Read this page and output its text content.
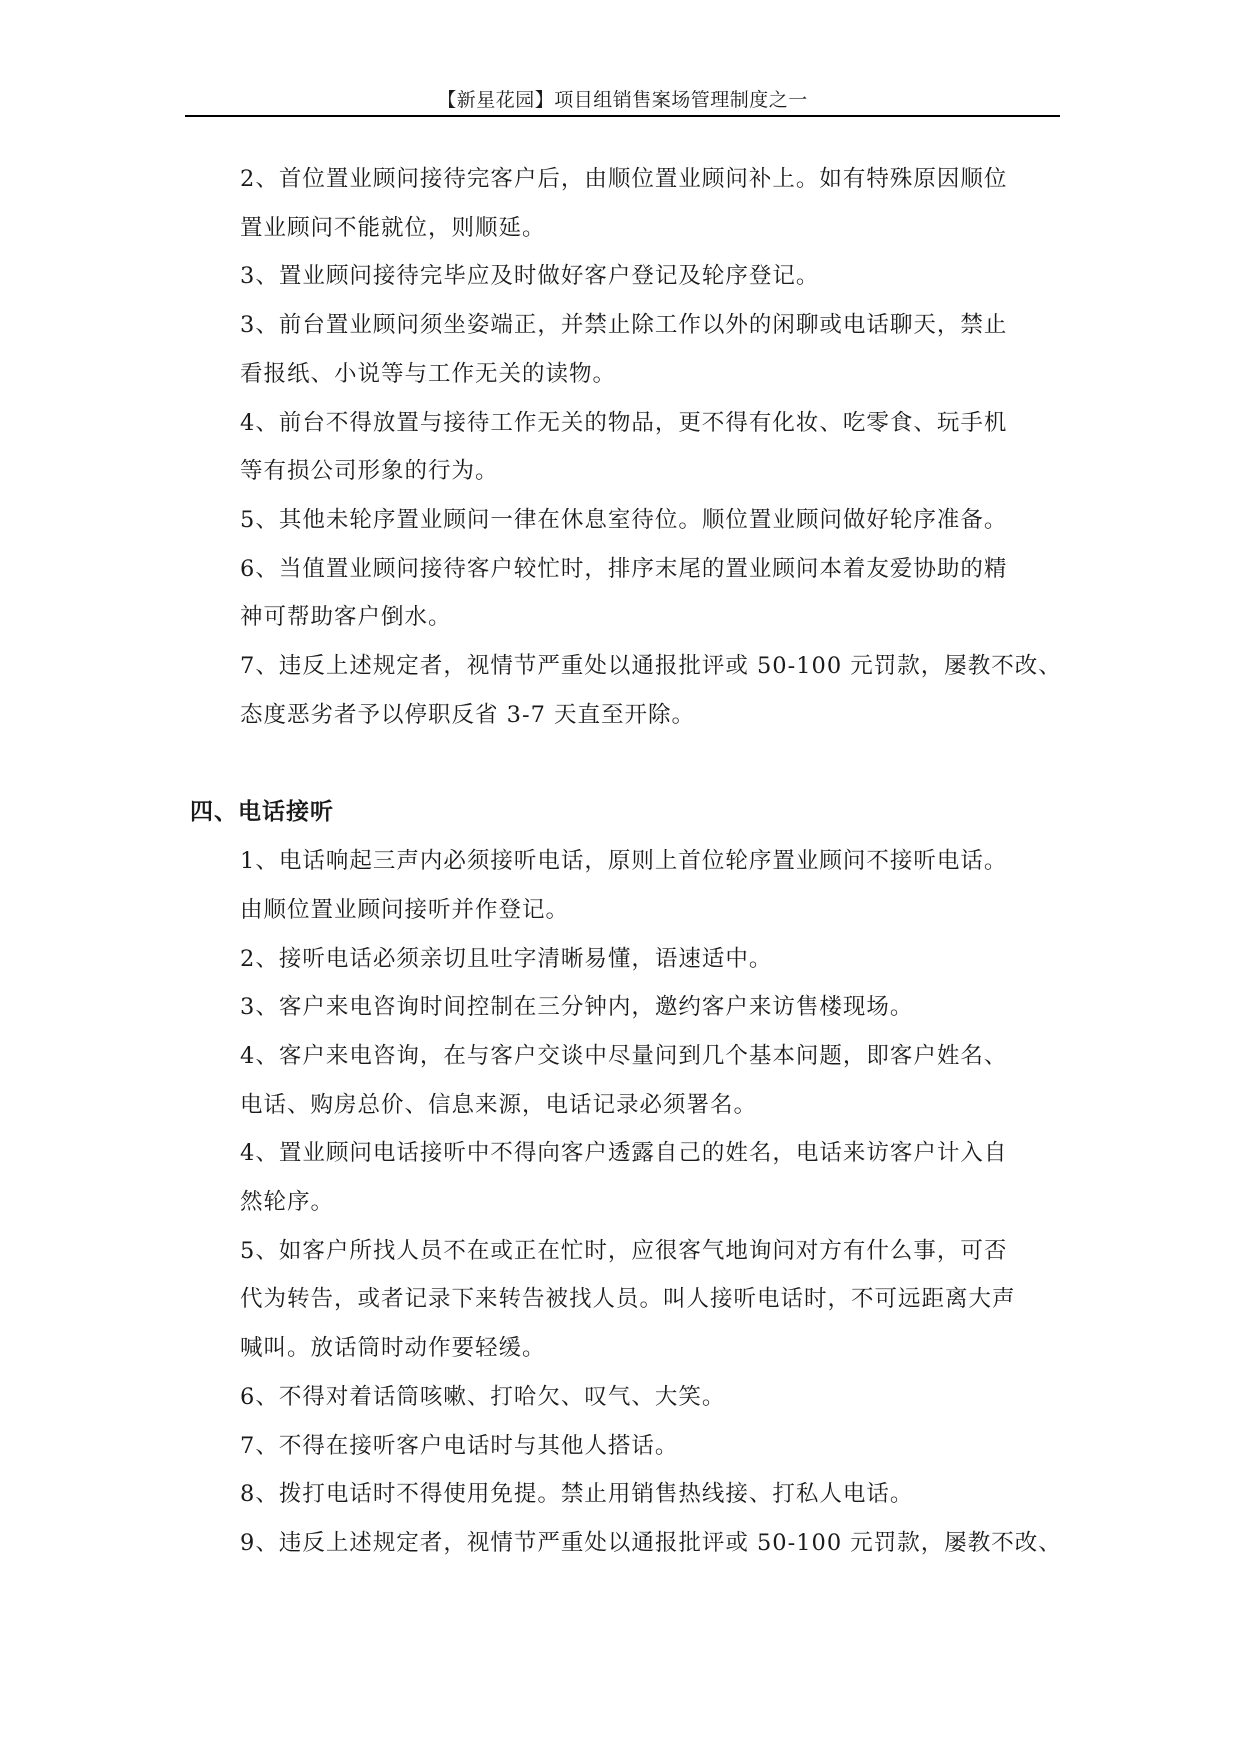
【新星花园】项目组销售案场管理制度之一

2、首位置业顾问接待完客户后，由顺位置业顾问补上。如有特殊原因顺位

置业顾问不能就位，则顺延。

3、置业顾问接待完毕应及时做好客户登记及轮序登记。

3、前台置业顾问须坐姿端正，并禁止除工作以外的闲聊或电话聊天，禁止

看报纸、小说等与工作无关的读物。

4、前台不得放置与接待工作无关的物品，更不得有化妆、吃零食、玩手机

等有损公司形象的行为。

5、其他未轮序置业顾问一律在休息室待位。顺位置业顾问做好轮序准备。

6、当值置业顾问接待客户较忙时，排序末尾的置业顾问本着友爱协助的精

神可帮助客户倒水。

7、违反上述规定者，视情节严重处以通报批评或 50-100 元罚款，屡教不改、

态度恶劣者予以停职反省 3-7 天直至开除。

四、电话接听

1、电话响起三声内必须接听电话，原则上首位轮序置业顾问不接听电话。

由顺位置业顾问接听并作登记。

2、接听电话必须亲切且吐字清晰易懂，语速适中。

3、客户来电咨询时间控制在三分钟内，邀约客户来访售楼现场。

4、客户来电咨询，在与客户交谈中尽量问到几个基本问题，即客户姓名、

电话、购房总价、信息来源，电话记录必须署名。

4、置业顾问电话接听中不得向客户透露自己的姓名，电话来访客户计入自

然轮序。

5、如客户所找人员不在或正在忙时，应很客气地询问对方有什么事，可否

代为转告，或者记录下来转告被找人员。叫人接听电话时，不可远距离大声

喊叫。放话筒时动作要轻缓。

6、不得对着话筒咳嗽、打哈欠、叹气、大笑。

7、不得在接听客户电话时与其他人搭话。

8、拨打电话时不得使用免提。禁止用销售热线接、打私人电话。

9、违反上述规定者，视情节严重处以通报批评或 50-100 元罚款，屡教不改、
